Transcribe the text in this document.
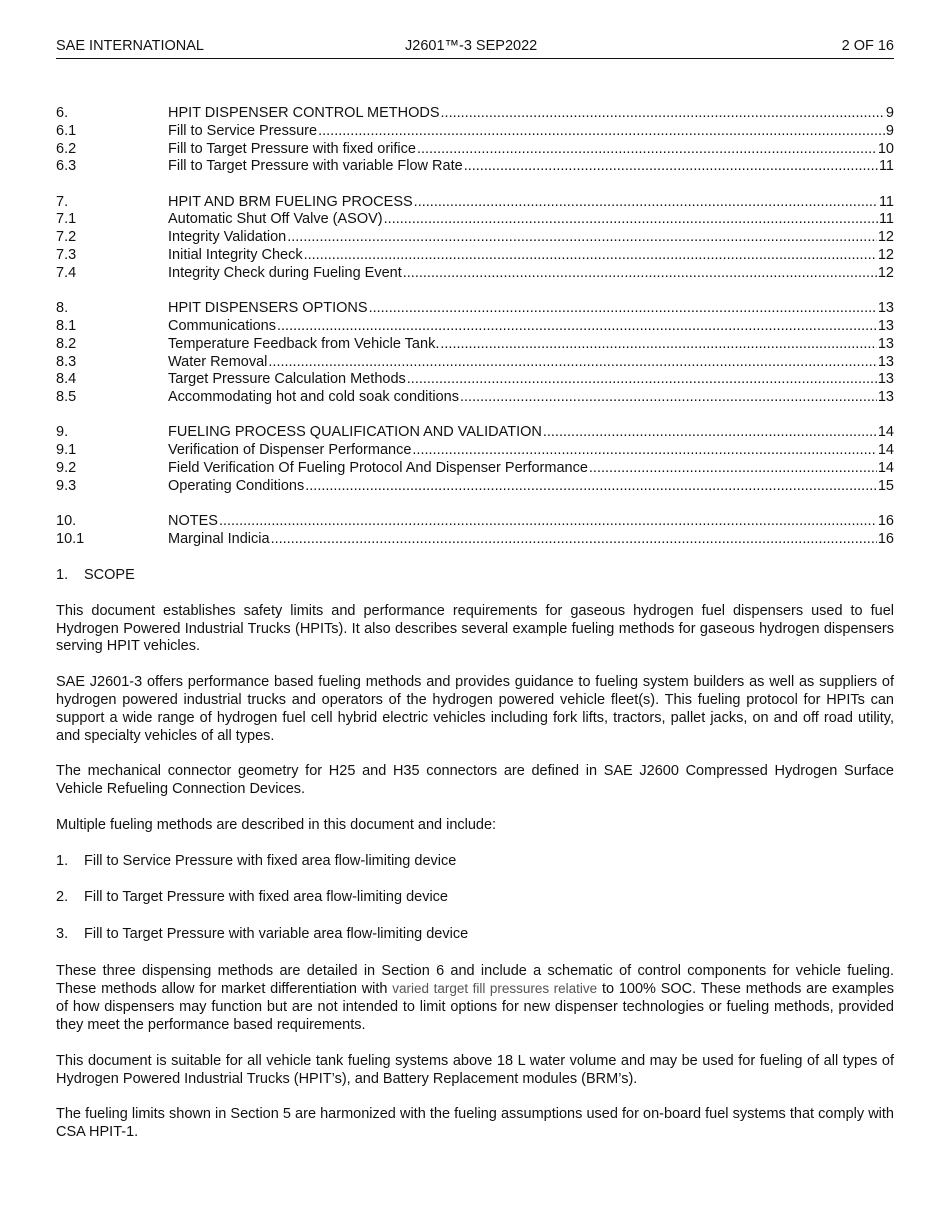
SAE INTERNATIONAL	J2601™-3 SEP2022	2 OF 16
6.	HPIT DISPENSER CONTROL METHODS .....	9
6.1	Fill to Service Pressure .....	9
6.2	Fill to Target Pressure with fixed orifice .....	10
6.3	Fill to Target Pressure with variable Flow Rate .....	11
7.	HPIT AND BRM FUELING PROCESS .....	11
7.1	Automatic Shut Off Valve (ASOV) .....	11
7.2	Integrity Validation .....	12
7.3	Initial Integrity Check .....	12
7.4	Integrity Check during Fueling Event .....	12
8.	HPIT DISPENSERS OPTIONS .....	13
8.1	Communications .....	13
8.2	Temperature Feedback from Vehicle Tank. .....	13
8.3	Water Removal .....	13
8.4	Target Pressure Calculation Methods .....	13
8.5	Accommodating hot and cold soak conditions .....	13
9.	FUELING PROCESS QUALIFICATION AND VALIDATION .....	14
9.1	Verification of Dispenser Performance .....	14
9.2	Field Verification Of Fueling Protocol And Dispenser Performance .....	14
9.3	Operating Conditions .....	15
10.	NOTES .....	16
10.1	Marginal Indicia .....	16
1. SCOPE

This document establishes safety limits and performance requirements for gaseous hydrogen fuel dispensers used to fuel Hydrogen Powered Industrial Trucks (HPITs). It also describes several example fueling methods for gaseous hydrogen dispensers serving HPIT vehicles.

SAE J2601-3 offers performance based fueling methods and provides guidance to fueling system builders as well as suppliers of hydrogen powered industrial trucks and operators of the hydrogen powered vehicle fleet(s). This fueling protocol for HPITs can support a wide range of hydrogen fuel cell hybrid electric vehicles including fork lifts, tractors, pallet jacks, on and off road utility, and specialty vehicles of all types.

The mechanical connector geometry for H25 and H35 connectors are defined in SAE J2600 Compressed Hydrogen Surface Vehicle Refueling Connection Devices.

Multiple fueling methods are described in this document and include:

1. Fill to Service Pressure with fixed area flow-limiting device
2. Fill to Target Pressure with fixed area flow-limiting device
3. Fill to Target Pressure with variable area flow-limiting device

These three dispensing methods are detailed in Section 6 and include a schematic of control components for vehicle fueling. These methods allow for market differentiation with varied target fill pressures relative to 100% SOC. These methods are examples of how dispensers may function but are not intended to limit options for new dispenser technologies or fueling methods, provided they meet the performance based requirements.

This document is suitable for all vehicle tank fueling systems above 18 L water volume and may be used for fueling of all types of Hydrogen Powered Industrial Trucks (HPIT’s), and Battery Replacement modules (BRM’s).

The fueling limits shown in Section 5 are harmonized with the fueling assumptions used for on-board fuel systems that comply with CSA HPIT-1.
